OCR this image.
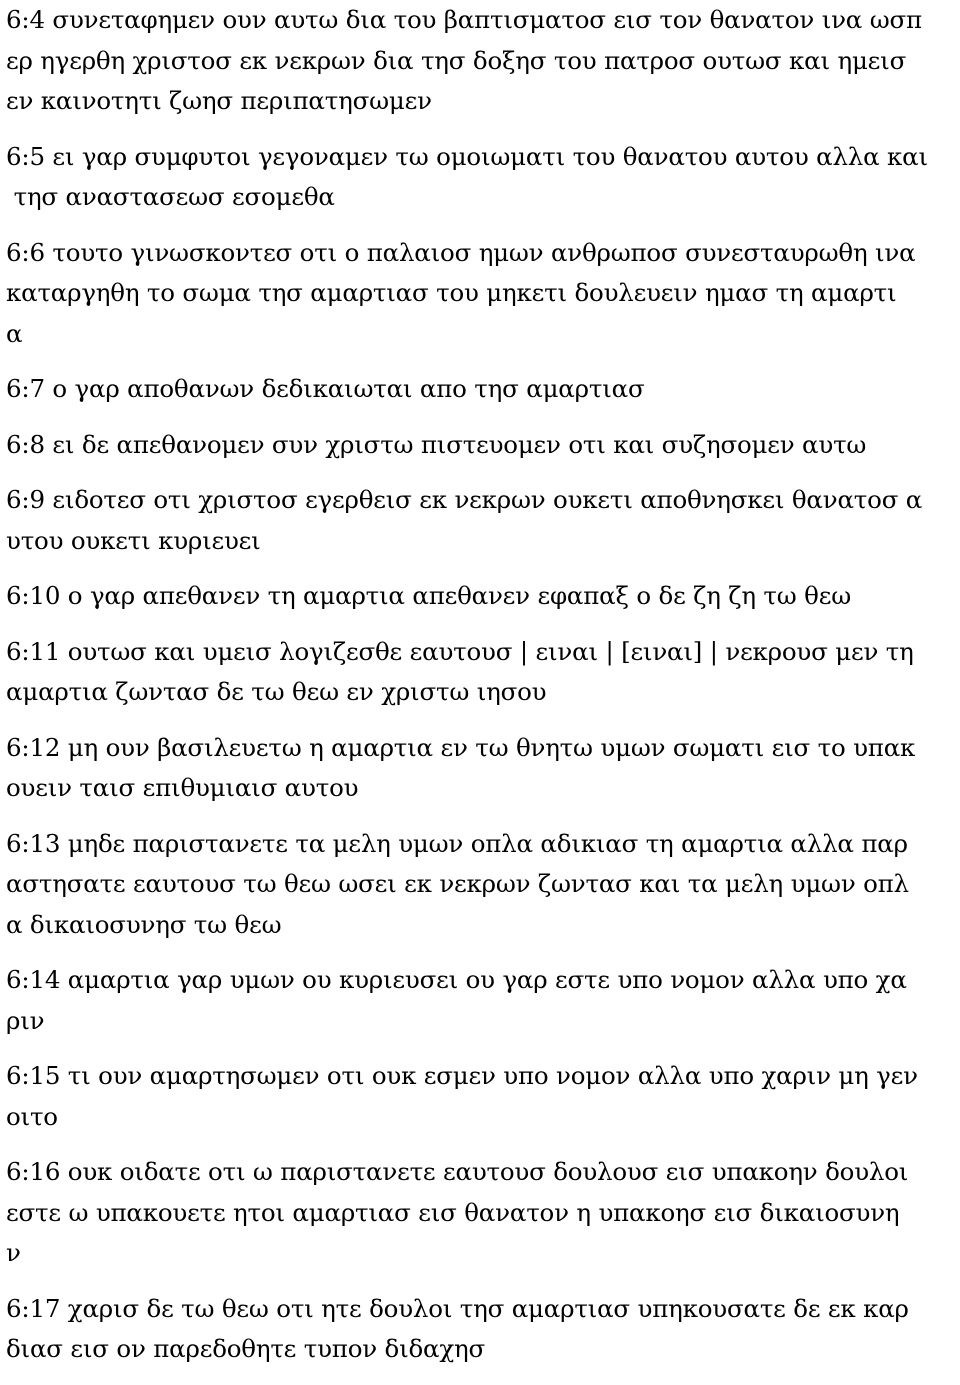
6:4 συνεταφημεν ουν αυτω δια του βαπτισματοσ εισ τον θανατον ινα ωσπ
ερ ηγερθη χριστοσ εκ νεκρων δια τησ δοξησ του πατροσ ουτωσ και ημεισ
εν καινοτητι ζωησ περιπατησωμεν
6:5 ει γαρ συμφυτοι γεγοναμεν τω ομοιωματι του θανατου αυτου αλλα και
τησ αναστασεωσ εσομεθα
6:6 τουτο γινωσκοντεσ οτι ο παλαιοσ ημων ανθρωποσ συνεσταυρωθη ινα
καταργηθη το σωμα τησ αμαρτιασ του μηκετι δουλευειν ημασ τη αμαρτι
α
6:7 ο γαρ αποθανων δεδικαιωται απο τησ αμαρτιασ
6:8 ει δε απεθανομεν συν χριστω πιστευομεν οτι και συζησομεν αυτω
6:9 ειδοτεσ οτι χριστοσ εγερθεισ εκ νεκρων ουκετι αποθνησκει θανατοσ α
υτου ουκετι κυριευει
6:10 ο γαρ απεθανεν τη αμαρτια απεθανεν εφαπαξ ο δε ζη ζη τω θεω
6:11 ουτωσ και υμεισ λογιζεσθε εαυτουσ | ειναι | [ειναι] | νεκρουσ μεν τη
αμαρτια ζωντασ δε τω θεω εν χριστω ιησου
6:12 μη ουν βασιλευετω η αμαρτια εν τω θνητω υμων σωματι εισ το υπακ
ουειν ταισ επιθυμιαισ αυτου
6:13 μηδε παριστανετε τα μελη υμων οπλα αδικιασ τη αμαρτια αλλα παρ
αστησατε εαυτουσ τω θεω ωσει εκ νεκρων ζωντασ και τα μελη υμων οπλ
α δικαιοσυνησ τω θεω
6:14 αμαρτια γαρ υμων ου κυριευσει ου γαρ εστε υπο νομον αλλα υπο χα
ριν
6:15 τι ουν αμαρτησωμεν οτι ουκ εσμεν υπο νομον αλλα υπο χαριν μη γεν
οιτο
6:16 ουκ οιδατε οτι ω παριστανετε εαυτουσ δουλουσ εισ υπακοην δουλοι
εστε ω υπακουετε ητοι αμαρτιασ εισ θανατον η υπακοησ εισ δικαιοσυνη
ν
6:17 χαρισ δε τω θεω οτι ητε δουλοι τησ αμαρτιασ υπηκουσατε δε εκ καρ
διασ εισ ον παρεδοθητε τυπον διδαχησ
